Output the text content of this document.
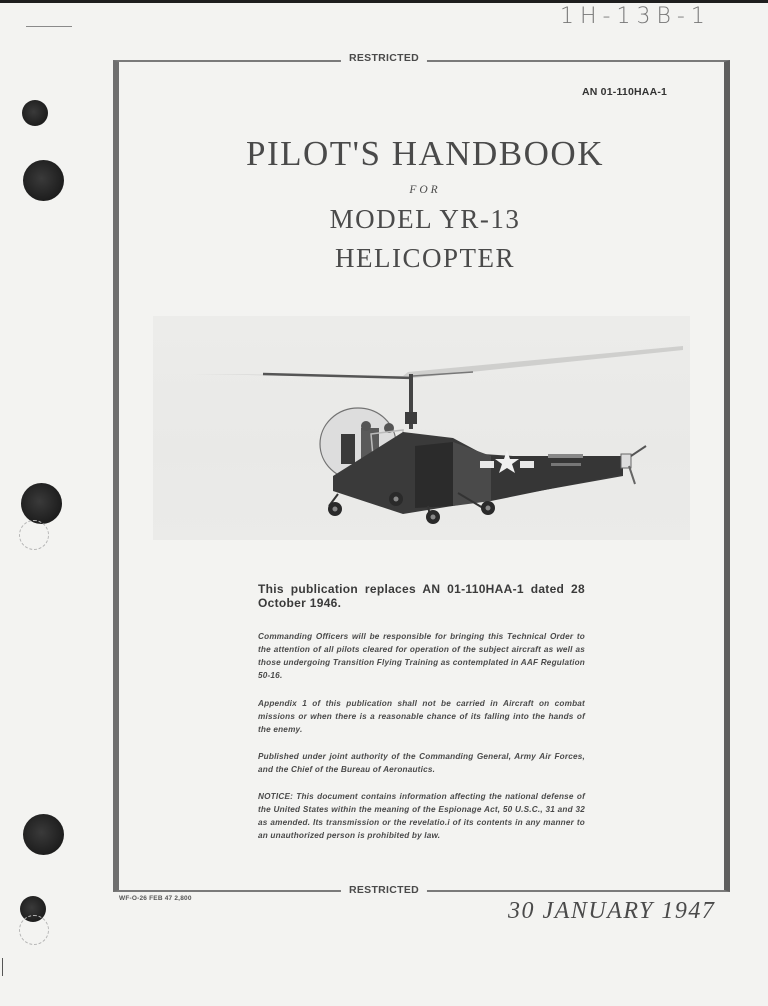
1H-13B-1
RESTRICTED
RESTRICTED
AN 01-110HAA-1
PILOT'S HANDBOOK
FOR
MODEL YR-13
HELICOPTER
This publication replaces AN 01-110HAA-1 dated 28 October 1946.
Commanding Officers will be responsible for bringing this Technical Order to the attention of all pilots cleared for operation of the subject aircraft as well as those undergoing Transition Flying Training as contemplated in AAF Regulation 50-16.
Appendix 1 of this publication shall not be carried in Aircraft on combat missions or when there is a reasonable chance of its falling into the hands of the enemy.
Published under joint authority of the Commanding General, Army Air Forces, and the Chief of the Bureau of Aeronautics.
NOTICE: This document contains information affecting the national defense of the United States within the meaning of the Espionage Act, 50 U.S.C., 31 and 32 as amended. Its transmission or the revelatio.i of its contents in any manner to an unauthorized person is prohibited by law.
WF-O-26 FEB 47 2,800	30 JANUARY 1947
